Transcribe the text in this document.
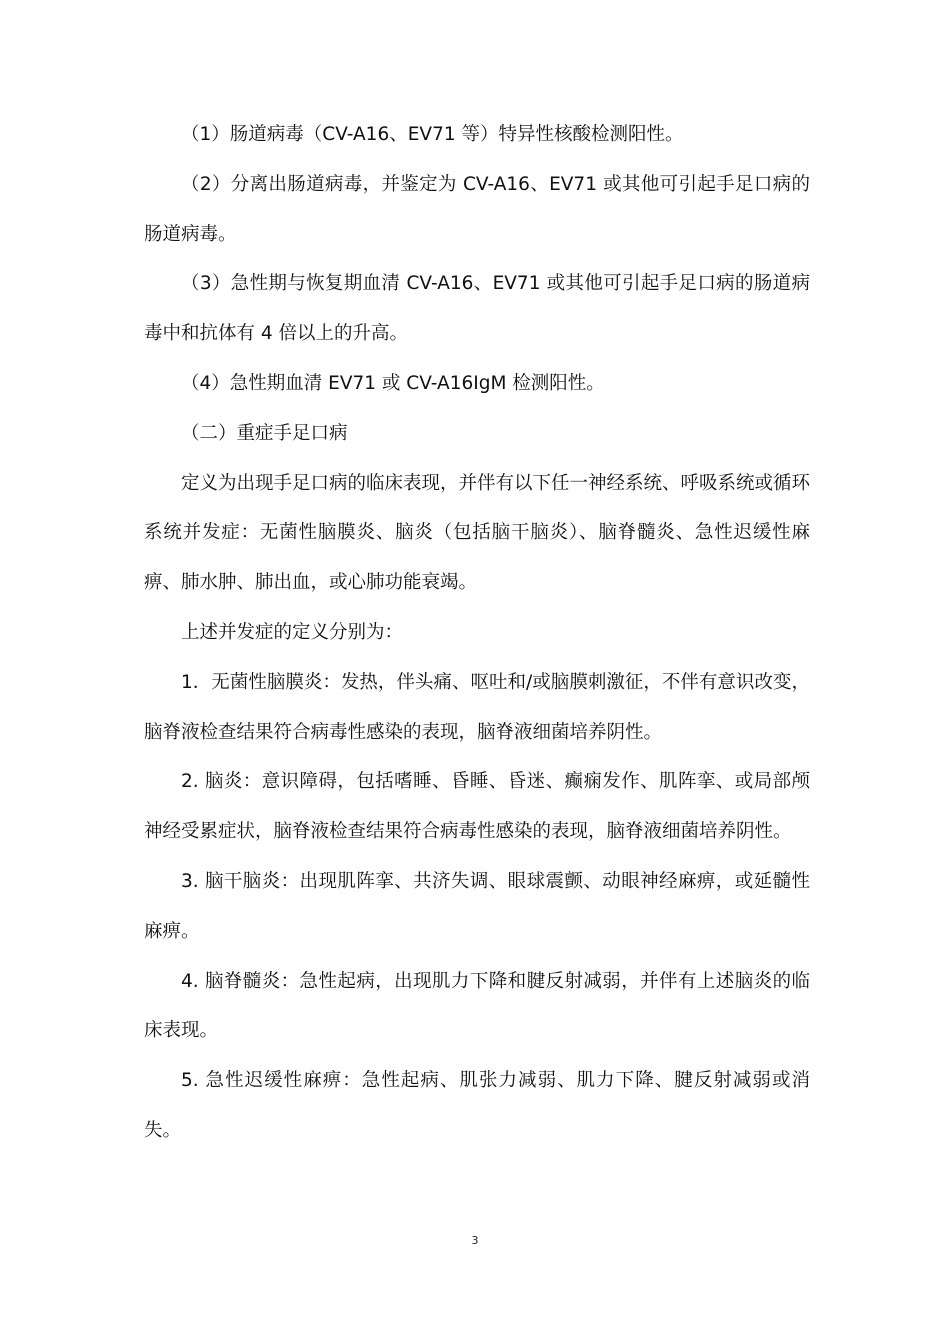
（1）肠道病毒（CV-A16、EV71 等）特异性核酸检测阳性。

（2）分离出肠道病毒，并鉴定为 CV-A16、EV71 或其他可引起手足口病的肠道病毒。

（3）急性期与恢复期血清 CV-A16、EV71 或其他可引起手足口病的肠道病毒中和抗体有 4 倍以上的升高。

（4）急性期血清 EV71 或 CV-A16IgM 检测阳性。

（二）重症手足口病

定义为出现手足口病的临床表现，并伴有以下任一神经系统、呼吸系统或循环系统并发症：无菌性脑膜炎、脑炎（包括脑干脑炎）、脑脊髓炎、急性迟缓性麻痹、肺水肿、肺出血，或心肺功能衰竭。

上述并发症的定义分别为：

1．无菌性脑膜炎：发热，伴头痛、呕吐和/或脑膜刺激征，不伴有意识改变，脑脊液检查结果符合病毒性感染的表现，脑脊液细菌培养阴性。

2. 脑炎：意识障碍，包括嗜睡、昏睡、昏迷、癫痫发作、肌阵挛、或局部颅神经受累症状，脑脊液检查结果符合病毒性感染的表现，脑脊液细菌培养阴性。

3. 脑干脑炎：出现肌阵挛、共济失调、眼球震颤、动眼神经麻痹，或延髓性麻痹。

4. 脑脊髓炎：急性起病，出现肌力下降和腱反射减弱，并伴有上述脑炎的临床表现。

5. 急性迟缓性麻痹：急性起病、肌张力减弱、肌力下降、腱反射减弱或消失。

3
